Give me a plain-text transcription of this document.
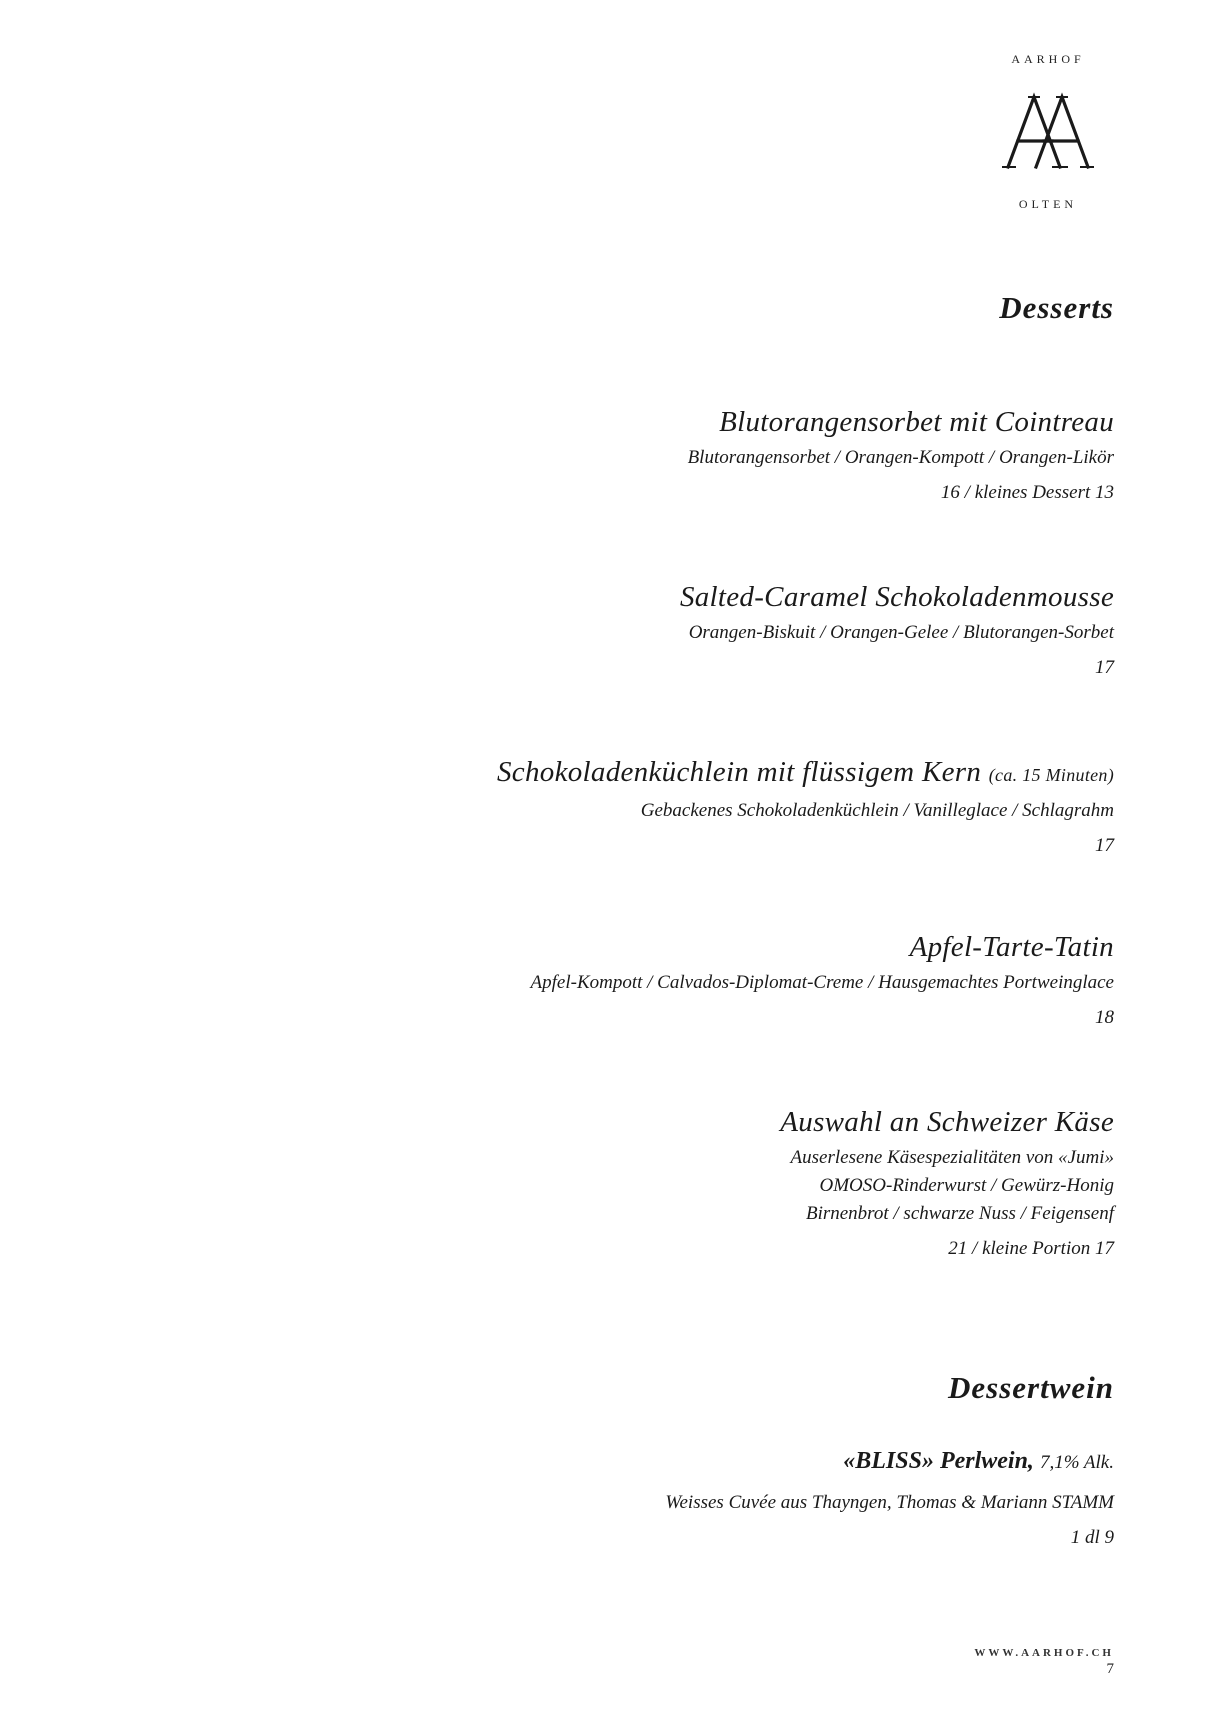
AARHOF
OLTEN
Desserts
Blutorangensorbet mit Cointreau
Blutorangensorbet / Orangen-Kompott / Orangen-Likör
16 / kleines Dessert 13
Salted-Caramel Schokoladenmousse
Orangen-Biskuit / Orangen-Gelee / Blutorangen-Sorbet
17
Schokoladenküchlein mit flüssigem Kern (ca. 15 Minuten)
Gebackenes Schokoladenküchlein / Vanilleglace / Schlagrahm
17
Apfel-Tarte-Tatin
Apfel-Kompott / Calvados-Diplomat-Creme / Hausgemachtes Portweinglace
18
Auswahl an Schweizer Käse
Auserlesene Käsespezialitäten von «Jumi»
OMOSO-Rinderwurst / Gewürz-Honig
Birnenbrot / schwarze Nuss / Feigensenf
21 / kleine Portion 17
Dessertwein
«BLISS» Perlwein, 7,1% Alk.
Weisses Cuvée aus Thayngen, Thomas & Mariann STAMM
1 dl 9
WWW.AARHOF.CH
7
